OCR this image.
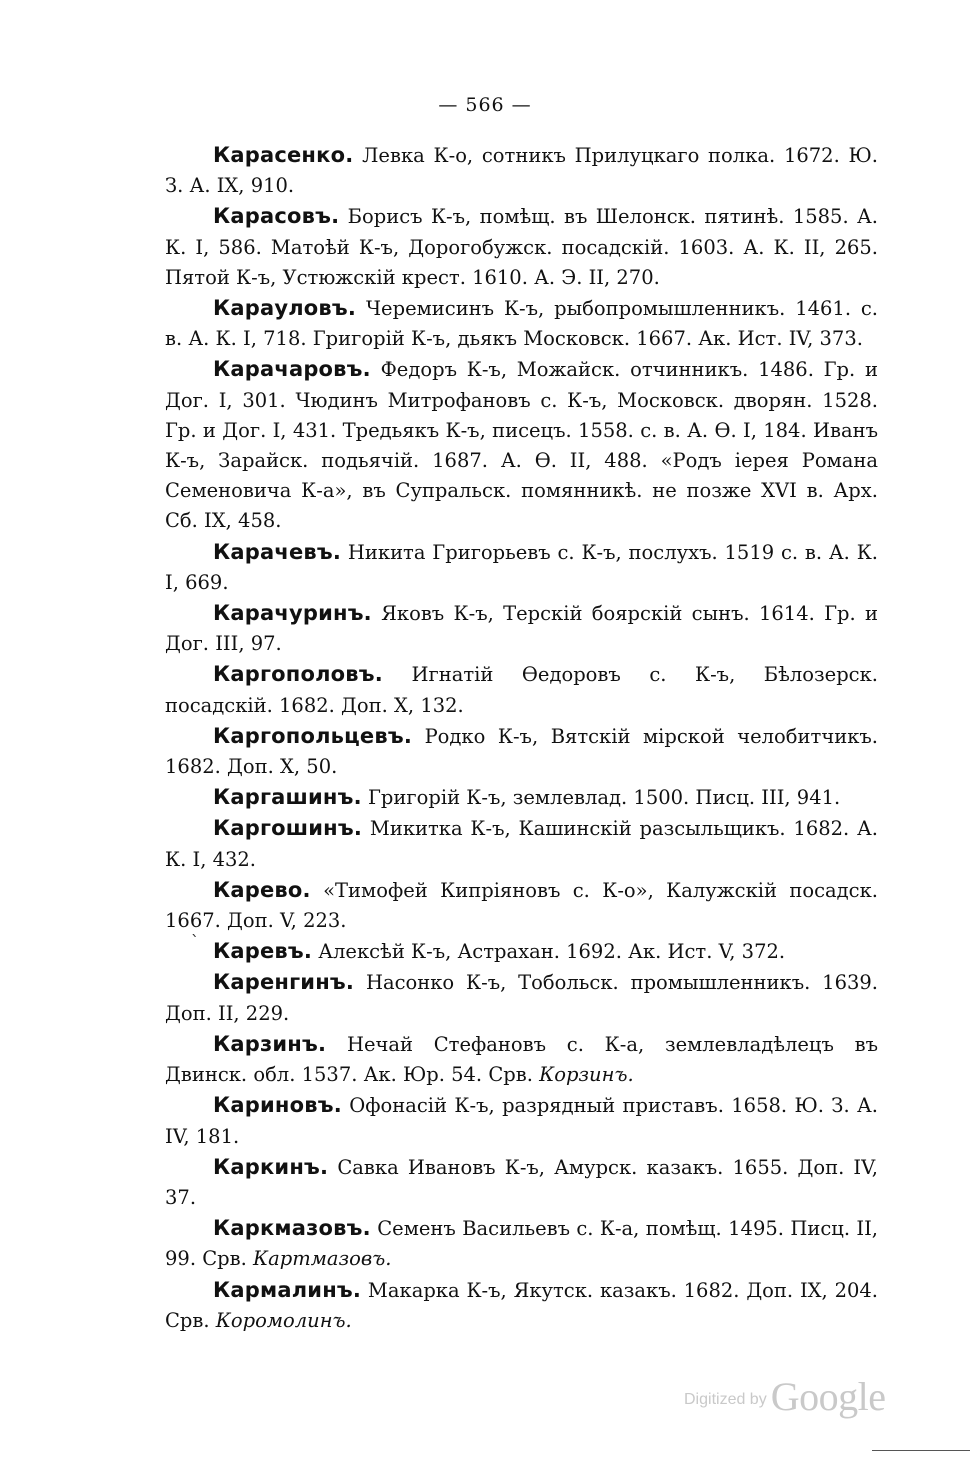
— 566 —

Карасенко. Левка К-о, сотникъ Прилуцкаго полка. 1672. Ю. З. А. IX, 910.

Карасовъ. Борисъ К-ъ, помѣщ. въ Шелонск. пятинѣ. 1585. А. К. I, 586. Матоѣй К-ъ, Дорогобужск. посадскій. 1603. А. К. II, 265. Пятой К-ъ, Устюжскій крест. 1610. А. Э. II, 270.

Карауловъ. Черемисинъ К-ъ, рыбопромышленникъ. 1461. с. в. А. К. I, 718. Григорій К-ъ, дьякъ Московск. 1667. Ак. Ист. IV, 373.

Карачаровъ. Федоръ К-ъ, Можайск. отчинникъ. 1486. Гр. и Дог. I, 301. Чюдинъ Митрофановъ с. К-ъ, Московск. дворян. 1528. Гр. и Дог. I, 431. Тредьякъ К-ъ, писецъ. 1558. с. в. А. Ѳ. I, 184. Иванъ К-ъ, Зарайск. подьячій. 1687. А. Ѳ. II, 488. «Родъ іерея Романа Семеновича К-а», въ Супральск. помянникѣ. не позже XVI в. Арх. Сб. IX, 458.

Карачевъ. Никита Григорьевъ с. К-ъ, послухъ. 1519 с. в. А. К. I, 669.

Карачуринъ. Яковъ К-ъ, Терскій боярскій сынъ. 1614. Гр. и Дог. III, 97.

Каргополовъ. Игнатій Ѳедоровъ с. К-ъ, Бѣлозерск. посадскій. 1682. Доп. X, 132.

Каргопольцевъ. Родко К-ъ, Вятскій мірской челобитчикъ. 1682. Доп. X, 50.

Каргашинъ. Григорій К-ъ, землевлад. 1500. Писц. III, 941.

Каргошинъ. Микитка К-ъ, Кашинскій разсыльщикъ. 1682. А. К. I, 432.

Карево. «Тимофей Кипріяновъ с. К-о», Калужскій посадск. 1667. Доп. V, 223.

Каревъ. Алексѣй К-ъ, Астрахан. 1692. Ак. Ист. V, 372.

Каренгинъ. Насонко К-ъ, Тобольск. промышленникъ. 1639. Доп. II, 229.

Карзинъ. Нечай Стефановъ с. К-а, землевладѣлецъ въ Двинск. обл. 1537. Ак. Юр. 54. Срв. Корзинъ.

Кариновъ. Офонасій К-ъ, разрядный приставъ. 1658. Ю. З. А. IV, 181.

Каркинъ. Савка Ивановъ К-ъ, Амурск. казакъ. 1655. Доп. IV, 37.

Каркмазовъ. Семенъ Васильевъ с. К-а, помѣщ. 1495. Писц. II, 99. Срв. Картмазовъ.

Кармалинъ. Макарка К-ъ, Якутск. казакъ. 1682. Доп. IX, 204. Срв. Коромолинъ.

ˋ
Digitized by Google
